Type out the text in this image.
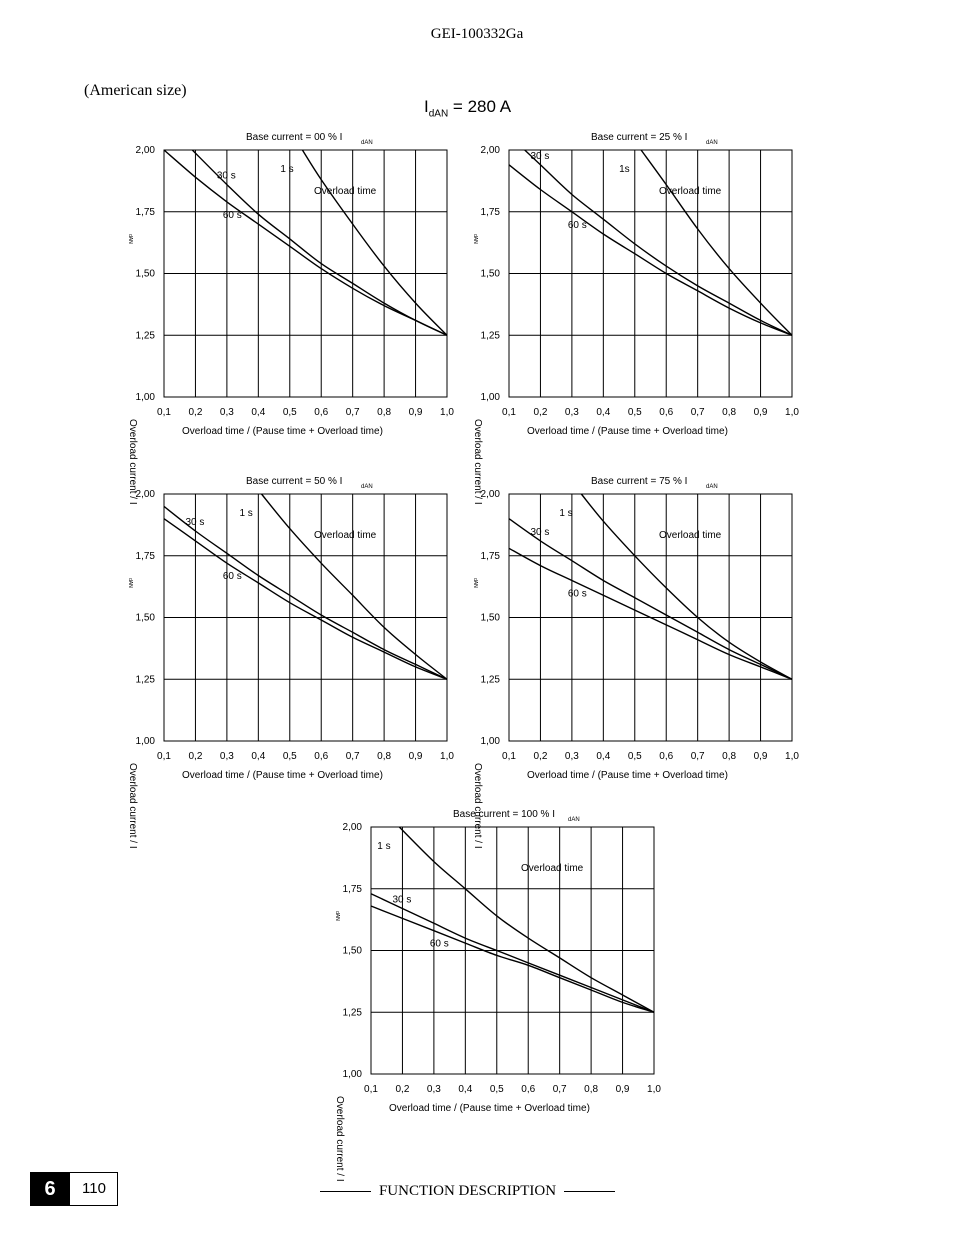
GEI-100332Ga
(American size)
$I_{dAN} = 280$ A
0,1 0,2 0,3 0,4 0,5 0,6 0,7 0,8 0,9 1,0
1,00
1,25
1,50
1,75
2,00
Base current = 00 % I	dAN
Overload time / (Pause time + Overload time)
Overload current / I
dAN
Overload time
1 s
30 s
60 s
0,1 0,2 0,3 0,4 0,5 0,6 0,7 0,8 0,9 1,0
1,00
1,25
1,50
1,75
2,00
Base current = 25 % I	dAN
Overload time / (Pause time + Overload time)
Overload current / I
dAN
Overload time
1s
30 s
60 s
0,1 0,2 0,3 0,4 0,5 0,6 0,7 0,8 0,9 1,0
1,00
1,25
1,50
1,75
2,00
Base current = 50 % I	dAN
Overload time / (Pause time + Overload time)
Overload current / I
dAN
Overload time
1 s
30 s
60 s
0,1 0,2 0,3 0,4 0,5 0,6 0,7 0,8 0,9 1,0
1,00
1,25
1,50
1,75
2,00
Base current = 75 % I	dAN
Overload time / (Pause time + Overload time)
Overload current / I
dAN
Overload time
1 s
30 s
60 s
0,1 0,2 0,3 0,4 0,5 0,6 0,7 0,8 0,9 1,0
1,00
1,25
1,50
1,75
2,00
Base current = 100 % I dAN
Overload time / (Pause time + Overload time)
Overload current / I
dAN
Overload time
1 s
30 s
60 s
6	110	FUNCTION DESCRIPTION
